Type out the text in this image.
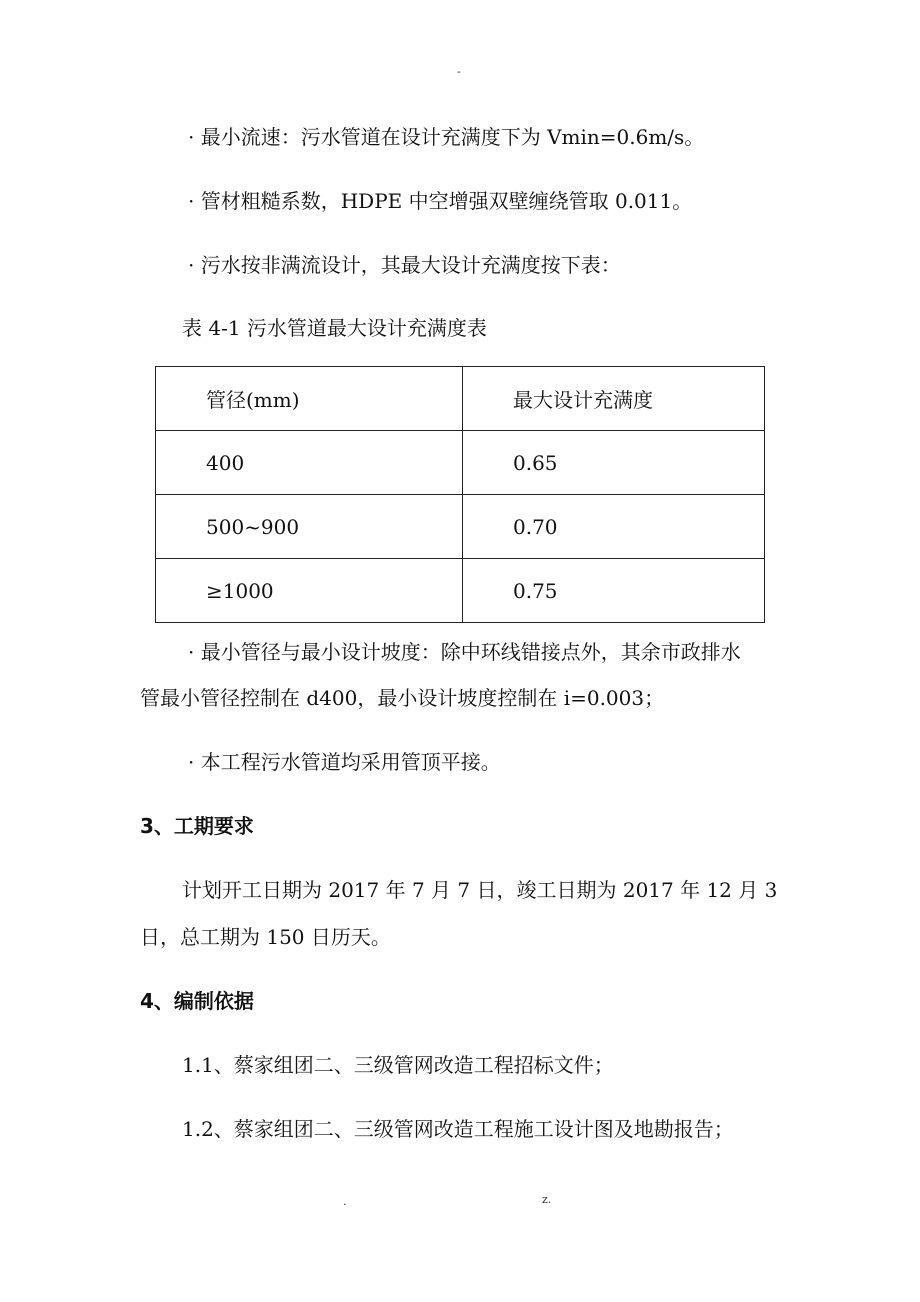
-
· 最小流速：污水管道在设计充满度下为 Vmin=0.6m/s。
· 管材粗糙系数，HDPE 中空增强双壁缠绕管取 0.011。
· 污水按非满流设计，其最大设计充满度按下表：
表 4-1 污水管道最大设计充满度表
管径(mm)	最大设计充满度
400	0.65
500~900	0.70
≥1000	0.75
· 最小管径与最小设计坡度：除中环线错接点外，其余市政排水
管最小管径控制在 d400，最小设计坡度控制在 i=0.003；
· 本工程污水管道均采用管顶平接。
3、工期要求
计划开工日期为 2017 年 7 月 7 日，竣工日期为 2017 年 12 月 3
日，总工期为 150 日历天。
4、编制依据
1.1、蔡家组团二、三级管网改造工程招标文件；
1.2、蔡家组团二、三级管网改造工程施工设计图及地勘报告；
.	z.
